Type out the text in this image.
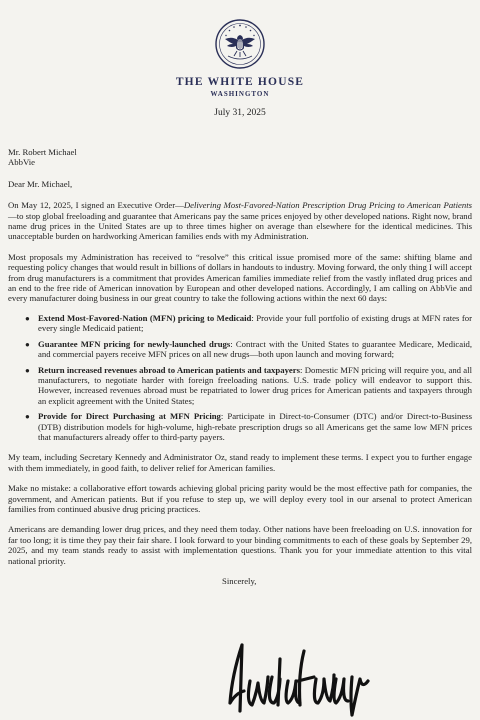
THE WHITE HOUSE
WASHINGTON
July 31, 2025
Mr. Robert Michael
AbbVie
Dear Mr. Michael,

On May 12, 2025, I signed an Executive Order—Delivering Most-Favored-Nation Prescription Drug Pricing to American Patients—to stop global freeloading and guarantee that Americans pay the same prices enjoyed by other developed nations. Right now, brand name drug prices in the United States are up to three times higher on average than elsewhere for the identical medicines. This unacceptable burden on hardworking American families ends with my Administration.

Most proposals my Administration has received to “resolve” this critical issue promised more of the same: shifting blame and requesting policy changes that would result in billions of dollars in handouts to industry. Moving forward, the only thing I will accept from drug manufacturers is a commitment that provides American families immediate relief from the vastly inflated drug prices and an end to the free ride of American innovation by European and other developed nations. Accordingly, I am calling on AbbVie and every manufacturer doing business in our great country to take the following actions within the next 60 days:

● Extend Most-Favored-Nation (MFN) pricing to Medicaid: Provide your full portfolio of existing drugs at MFN rates for every single Medicaid patient;
● Guarantee MFN pricing for newly-launched drugs: Contract with the United States to guarantee Medicare, Medicaid, and commercial payers receive MFN prices on all new drugs—both upon launch and moving forward;
● Return increased revenues abroad to American patients and taxpayers: Domestic MFN pricing will require you, and all manufacturers, to negotiate harder with foreign freeloading nations. U.S. trade policy will endeavor to support this. However, increased revenues abroad must be repatriated to lower drug prices for American patients and taxpayers through an explicit agreement with the United States;
● Provide for Direct Purchasing at MFN Pricing: Participate in Direct-to-Consumer (DTC) and/or Direct-to-Business (DTB) distribution models for high-volume, high-rebate prescription drugs so all Americans get the same low MFN prices that manufacturers already offer to third-party payers.

My team, including Secretary Kennedy and Administrator Oz, stand ready to implement these terms. I expect you to further engage with them immediately, in good faith, to deliver relief for American families.

Make no mistake: a collaborative effort towards achieving global pricing parity would be the most effective path for companies, the government, and American patients. But if you refuse to step up, we will deploy every tool in our arsenal to protect American families from continued abusive drug pricing practices.

Americans are demanding lower drug prices, and they need them today. Other nations have been freeloading on U.S. innovation for far too long; it is time they pay their fair share. I look forward to your binding commitments to each of these goals by September 29, 2025, and my team stands ready to assist with implementation questions. Thank you for your immediate attention to this vital national priority.

Sincerely,
